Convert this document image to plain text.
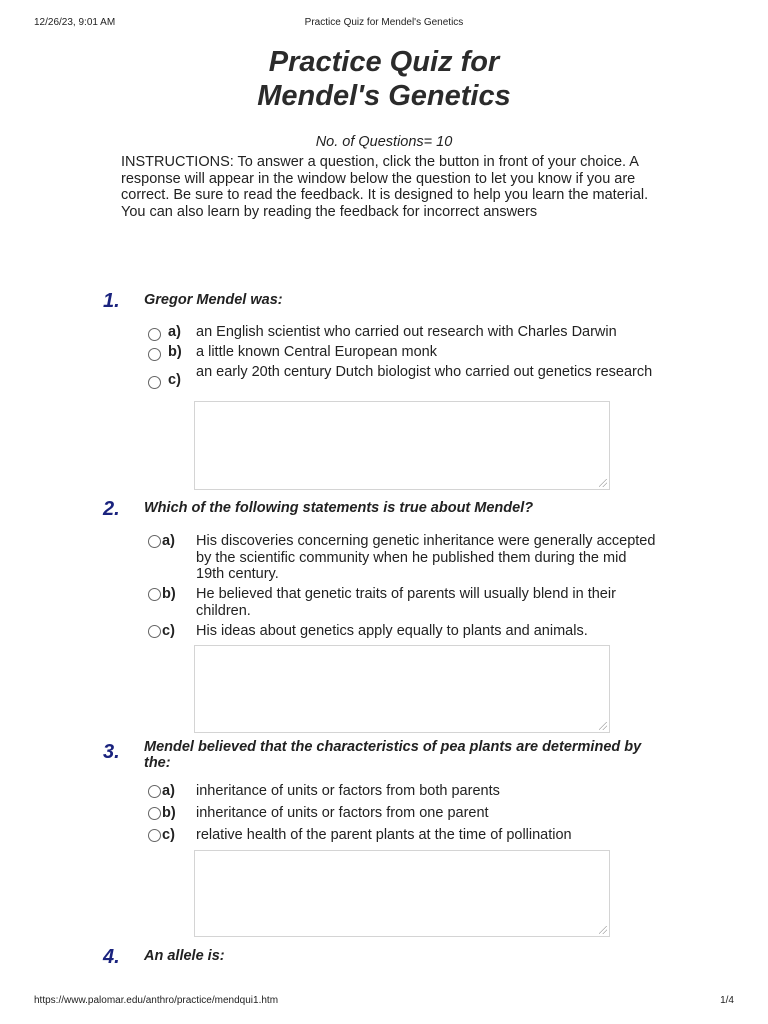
12/26/23, 9:01 AM	Practice Quiz for Mendel's Genetics
https://www.palomar.edu/anthro/practice/mendqui1.htm	1/4
Practice Quiz for
Mendel's Genetics
No. of Questions= 10
INSTRUCTIONS: To answer a question, click the button in front of your choice. A response will appear in the window below the question to let you know if you are correct. Be sure to read the feedback. It is designed to help you learn the material. You can also learn by reading the feedback for incorrect answers
1. Gregor Mendel was:
a) an English scientist who carried out research with Charles Darwin
b) a little known Central European monk
c) an early 20th century Dutch biologist who carried out genetics research
2. Which of the following statements is true about Mendel?
a) His discoveries concerning genetic inheritance were generally accepted by the scientific community when he published them during the mid 19th century.
b) He believed that genetic traits of parents will usually blend in their children.
c) His ideas about genetics apply equally to plants and animals.
3. Mendel believed that the characteristics of pea plants are determined by the:
a) inheritance of units or factors from both parents
b) inheritance of units or factors from one parent
c) relative health of the parent plants at the time of pollination
4. An allele is:
